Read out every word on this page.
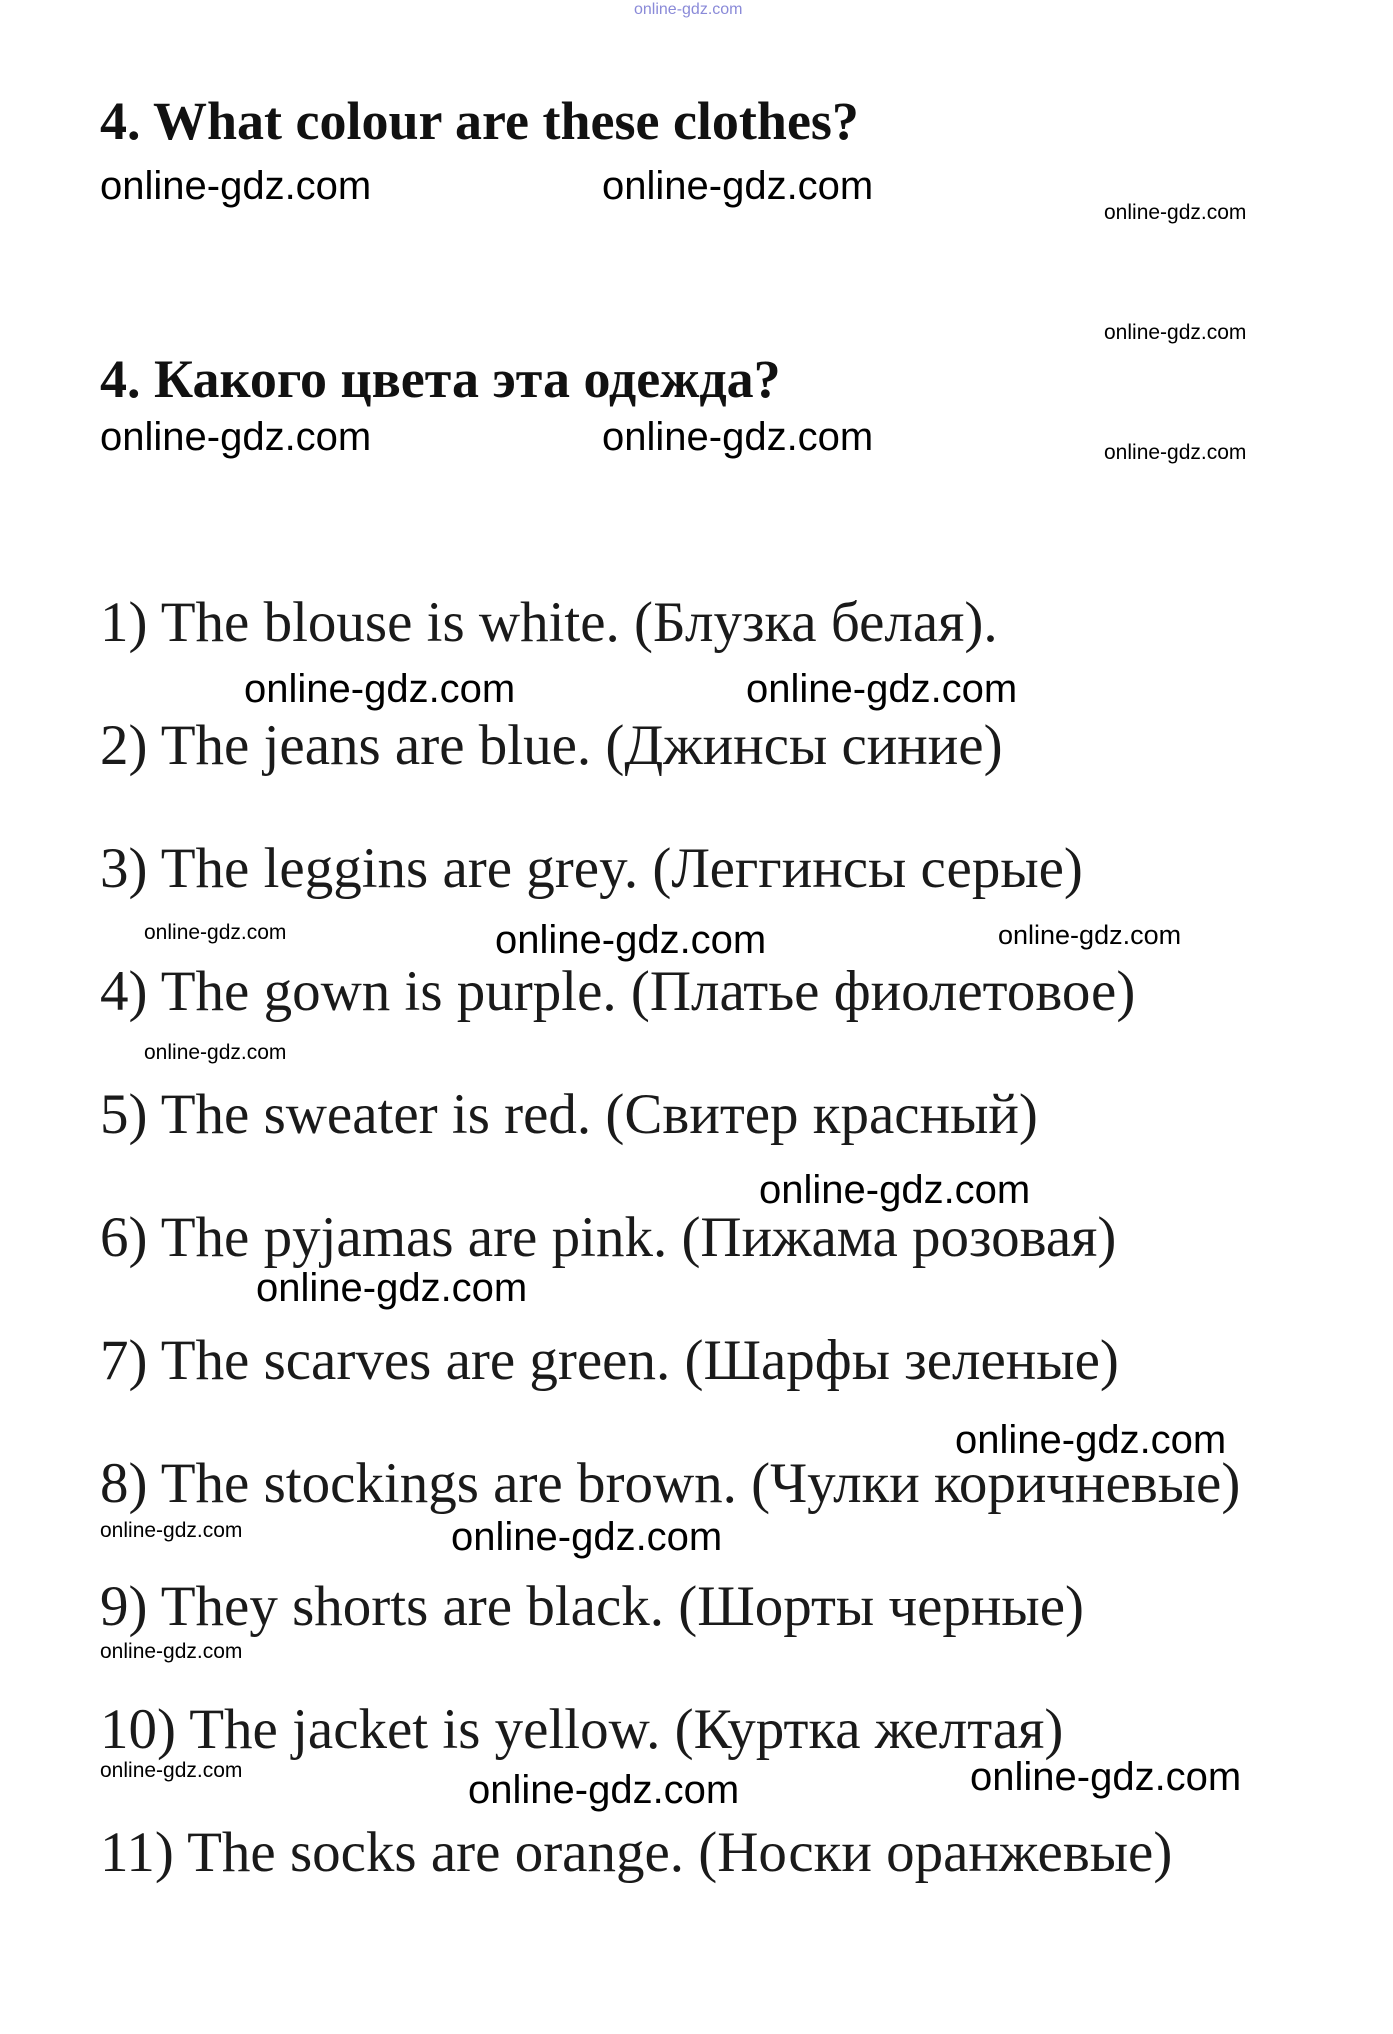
online-gdz.com
4. What colour are these clothes?
online-gdz.com	online-gdz.com
online-gdz.com
online-gdz.com
4. Какого цвета эта одежда?
online-gdz.com	online-gdz.com	online-gdz.com
1) The blouse is white. (Блузка белая).
online-gdz.com	online-gdz.com
2) The jeans are blue. (Джинсы синие)
3) The leggins are grey. (Леггинсы серые)
online-gdz.com	online-gdz.com	online-gdz.com
4) The gown is purple. (Платье фиолетовое)
online-gdz.com
5) The sweater is red. (Свитер красный)
online-gdz.com
6) The pyjamas are pink. (Пижама розовая)
online-gdz.com
7) The scarves are green. (Шарфы зеленые)
online-gdz.com
8) The stockings are brown. (Чулки коричневые)
online-gdz.com	online-gdz.com
9) They shorts are black. (Шорты черные)
online-gdz.com
10) The jacket is yellow. (Куртка желтая)
online-gdz.com	online-gdz.com	online-gdz.com
11) The socks are orange. (Носки оранжевые)
